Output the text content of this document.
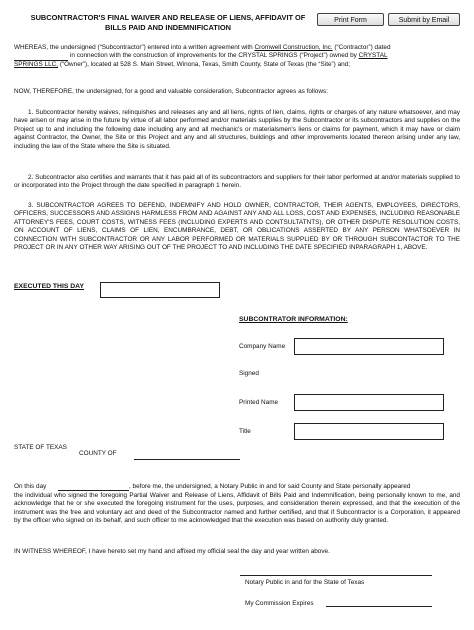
SUBCONTRACTOR'S FINAL WAIVER AND RELEASE OF LIENS, AFFIDAVIT OF BILLS PAID AND INDEMNIFICATION
Print Form	Submit by Email
WHEREAS, the undersigned (“Subcontractor”) entered into a written agreement with Cromwell Construction, Inc. (“Contractor”) dated
in connection with the construction of improvements for the CRYSTAL SPRINGS (“Project”) owned by CRYSTAL
SPRINGS LLC, (“Owner”), located at 528 S. Main Street, Winona, Texas, Smith County, State of Texas (the “Site”) and;
NOW, THEREFORE, the undersigned, for a good and valuable consideration, Subcontractor agrees as follows:
1. Subcontractor hereby waives, relinquishes and releases any and all liens, rights of lien, claims, rights or charges of any nature whatsoever, and may have arisen or may arise in the future by virtue of all labor performed and/or materials supplies by the Subcontractor or its subcontractors and supplies on the Project up to and including the following date including any and all mechanic's or materialsmen's liens or claims for payment, which it may have or claim against Contractor, the Owner, the Site or this Project and any and all structures, buildings and other improvements located thereon arising under any law, including the law of the State where the Site is situated.
2. Subcontractor also certifies and warrants that it has paid all of its subcontractors and suppliers for their labor performed at and/or materials supplied to or incorporated into the Project through the date specified in paragraph 1 herein.
3. SUBCONTRACTOR AGREES TO DEFEND, INDEMNIFY AND HOLD OWNER, CONTRACTOR, THEIR AGENTS, EMPLOYEES, DIRECTORS, OFFICERS, SUCCESSORS AND ASSIGNS HARMLESS FROM AND AGAINST ANY AND ALL LOSS, COST AND EXPENSES, INCLUDING REASONABLE ATTORNEY'S FEES, COURT COSTS, WITNESS FEES (INCLUDING EXPERTS AND CONTSULTATNTS), OR OTHER DISPUTE RESOLUTION COSTS, ON ACCOUNT OF LIENS, CLAIMS OF LIEN, ENCUMBRANCE, DEBT, OR OBLICATIONS ASSERTED BY ANY PERSON WHATSOEVER IN CONNECTION WITH SUBCONTRACTOR OR ANY LABOR PERFORMED OR MATERIALS SUPPLIED BY OR THROUGH SUBCONTACTOR TO THE PROJECT OR IN ANY OTHER WAY ARISING OUT OF THE PROJECT TO AND INCLUDING THE DATE SPECIFIED INPARAGRAPH 1, ABOVE.
EXECUTED THIS DAY
SUBCONTRATOR INFORMATION:
Company Name
Signed
Printed Name
Title
STATE OF TEXAS
COUNTY OF
On this day	, before me, the undersigned, a Notary Public in and for said County and State personally appeared
the individual who signed the foregoing Partial Waiver and Release of Liens, Affidavit of Bills Paid and Indemnification, being personally known to me, and acknowledge that he or she executed the foregoing instrument for the uses, purposes, and consideration therein expressed, and that the execution of the instrument was the free and voluntary act and deed of the Subcontractor named and further certified, and that if Subcontractor is a Corporation, it appeared by the officer who signed on its behalf, and such officer to me acknowledged that the execution was based on authority duly granted.
IN WITNESS WHEREOF, I have hereto set my hand and affixed my official seal the day and year written above.
Notary Public in and for the State of Texas
My Commission Expires
